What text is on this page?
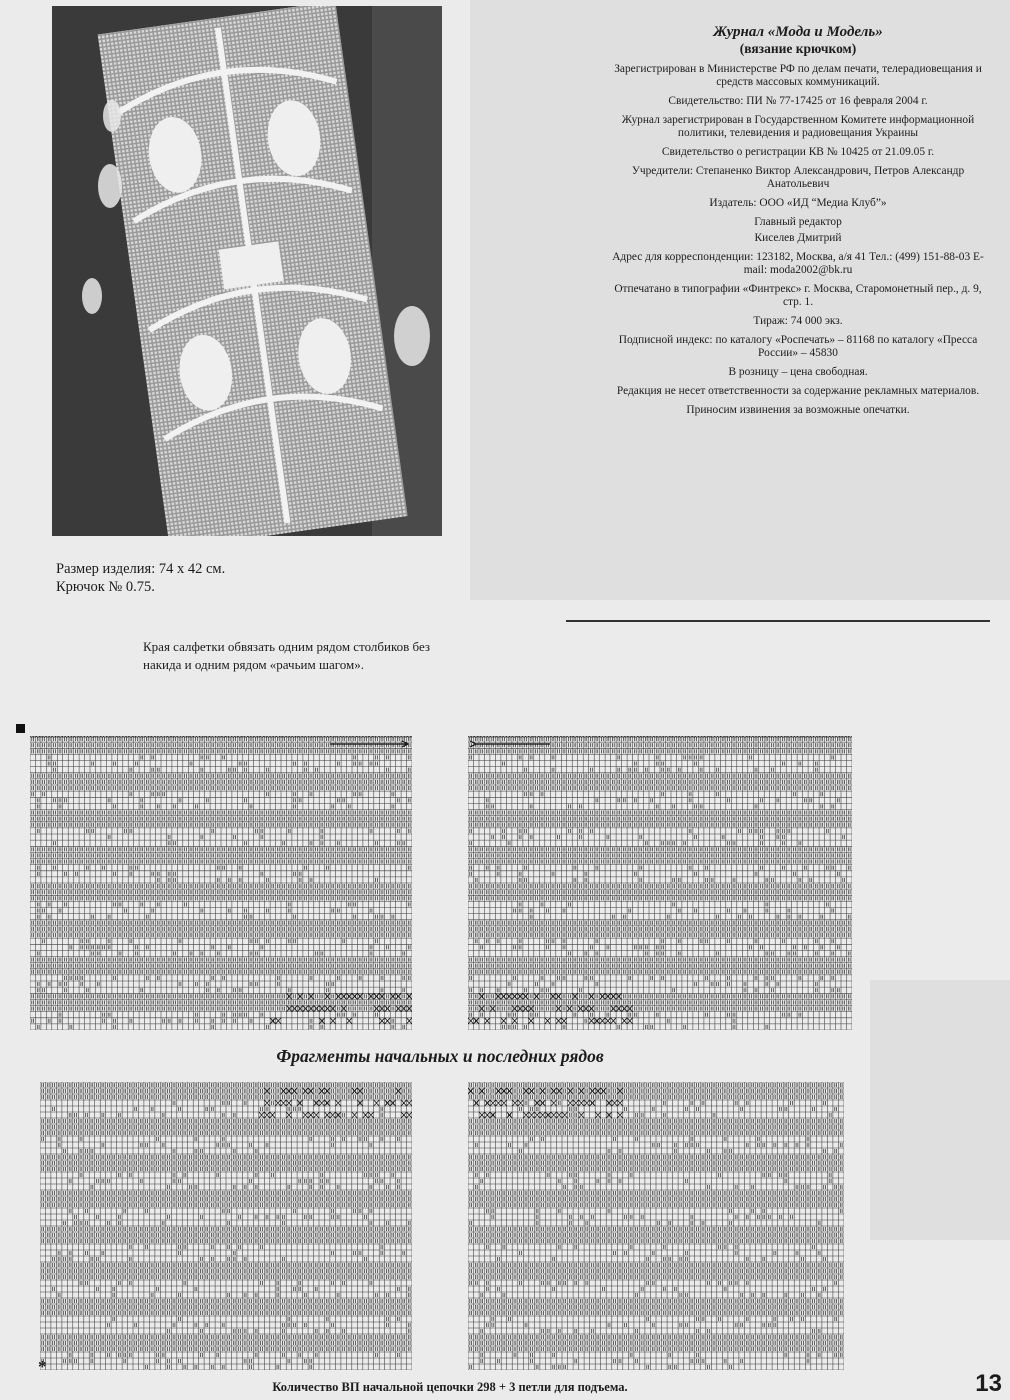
Журнал «Мода и Модель»
(вязание крючком)

Зарегистрирован в Министерстве РФ по делам печати, телерадиовещания и средств массовых коммуникаций.

Свидетельство: ПИ № 77-17425 от 16 февраля 2004 г.

Журнал зарегистрирован в Государственном Комитете информационной политики, телевидения и радиовещания Украины

Свидетельство о регистрации КВ № 10425 от 21.09.05 г.

Учредители: Степаненко Виктор Александрович, Петров Александр Анатольевич

Издатель: ООО «ИД “Медиа Клуб”»

Главный редактор

Киселев Дмитрий

Адрес для корреспонденции: 123182, Москва, а/я 41 Тел.: (499) 151-88-03 E-mail: moda2002@bk.ru

Отпечатано в типографии «Финтрекс» г. Москва, Старомонетный пер., д. 9, стр. 1.

Тираж: 74 000 экз.

Подписной индекс: по каталогу «Роспечать» – 81168 по каталогу «Пресса России» – 45830

В розницу – цена свободная.

Редакция не несет ответственности за содержание рекламных материалов.

Приносим извинения за возможные опечатки.

Размер изделия: 74 x 42 см.
Крючок № 0.75.
Края салфетки обвязать одним рядом столбиков без накида и одним рядом «рачьим шагом».
Фрагменты начальных и последних рядов
*
Количество ВП начальной цепочки 298 + 3 петли для подъема.	13
